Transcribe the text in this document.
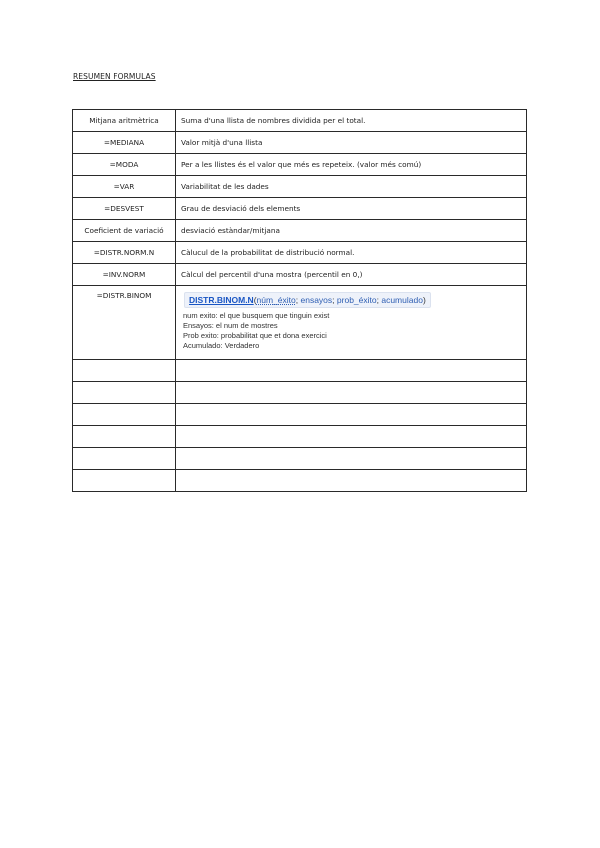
RESUMEN FORMULAS
Mitjana aritmètrica	Suma d'una llista de nombres dividida per el total.
=MEDIANA	Valor mitjà d'una llista
=MODA	Per a les llistes és el valor que més es repeteix. (valor més comú)
=VAR	Variabilitat de les dades
=DESVEST	Grau de desviació dels elements
Coeficient de variació	desviació estàndar/mitjana
=DISTR.NORM.N	Càlucul de la probabilitat de distribució normal.
=INV.NORM	Càlcul del percentil d'una mostra (percentil en 0,)
=DISTR.BINOM	DISTR.BINOM.N(núm_éxito; ensayos; prob_éxito; acumulado)
num exito: el que busquem que tinguin exist
Ensayos: el num de mostres
Prob exito: probabilitat que et dona exercici
Acumulado: Verdadero
